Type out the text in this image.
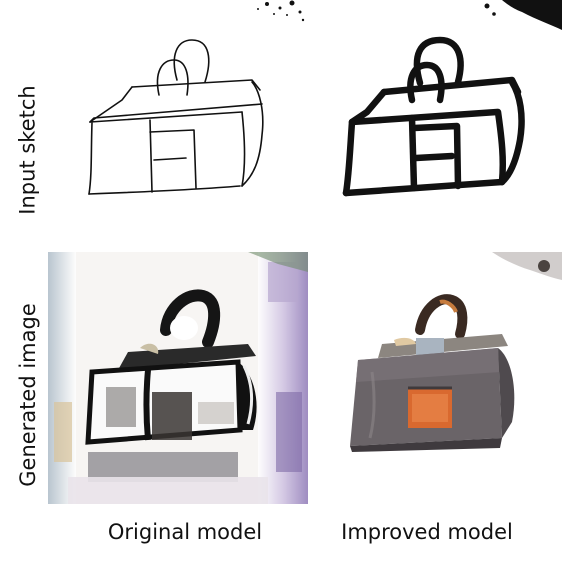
Input sketch
Generated image
Original model	Improved model
